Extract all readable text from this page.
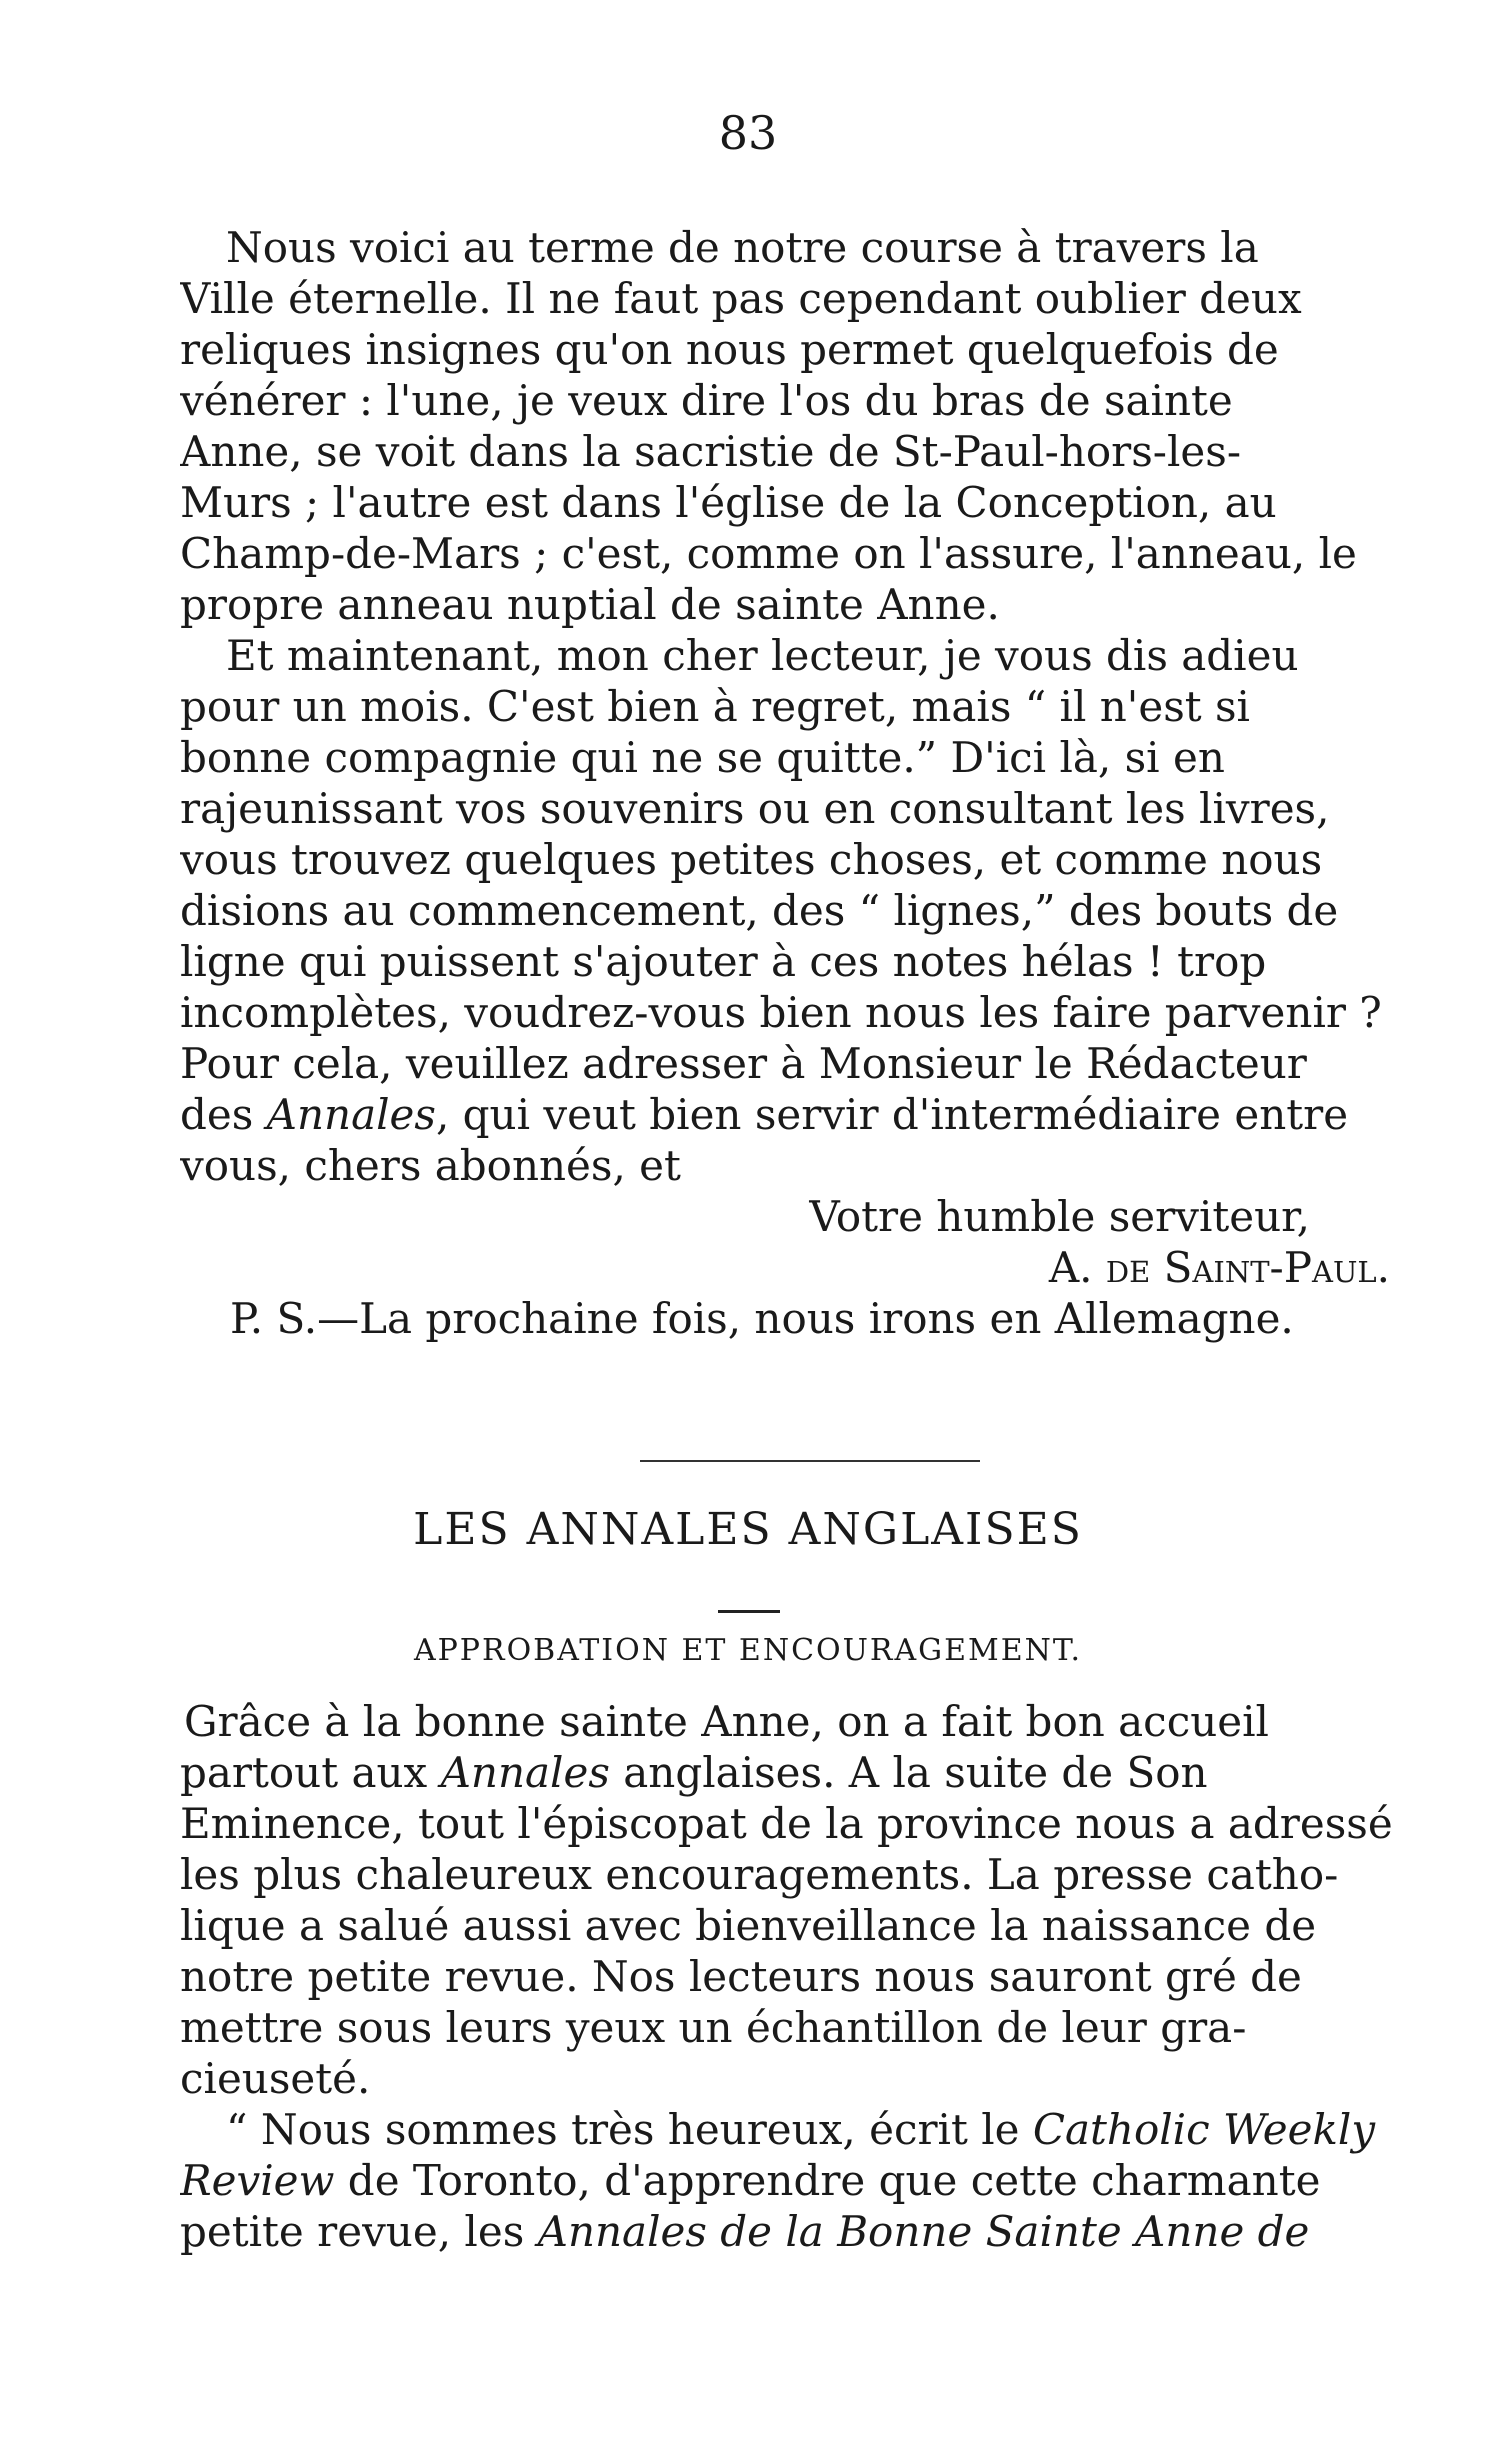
83
Nous voici au terme de notre course à travers la
Ville éternelle. Il ne faut pas cependant oublier deux
reliques insignes qu'on nous permet quelquefois de
vénérer : l'une, je veux dire l'os du bras de sainte
Anne, se voit dans la sacristie de St-Paul-hors-les-
Murs ; l'autre est dans l'église de la Conception, au
Champ-de-Mars ; c'est, comme on l'assure, l'anneau, le
propre anneau nuptial de sainte Anne.
Et maintenant, mon cher lecteur, je vous dis adieu
pour un mois. C'est bien à regret, mais “ il n'est si
bonne compagnie qui ne se quitte.” D'ici là, si en
rajeunissant vos souvenirs ou en consultant les livres,
vous trouvez quelques petites choses, et comme nous
disions au commencement, des “ lignes,” des bouts de
ligne qui puissent s'ajouter à ces notes hélas ! trop
incomplètes, voudrez-vous bien nous les faire parvenir ?
Pour cela, veuillez adresser à Monsieur le Rédacteur
des Annales, qui veut bien servir d'intermédiaire entre
vous, chers abonnés, et
Votre humble serviteur,
A. de Saint-Paul.
P. S.—La prochaine fois, nous irons en Allemagne.
LES ANNALES ANGLAISES
APPROBATION ET ENCOURAGEMENT.
Grâce à la bonne sainte Anne, on a fait bon accueil
partout aux Annales anglaises. A la suite de Son
Eminence, tout l'épiscopat de la province nous a adressé
les plus chaleureux encouragements. La presse catho-
lique a salué aussi avec bienveillance la naissance de
notre petite revue. Nos lecteurs nous sauront gré de
mettre sous leurs yeux un échantillon de leur gra-
cieuseté.
“ Nous sommes très heureux, écrit le Catholic Weekly
Review de Toronto, d'apprendre que cette charmante
petite revue, les Annales de la Bonne Sainte Anne de
